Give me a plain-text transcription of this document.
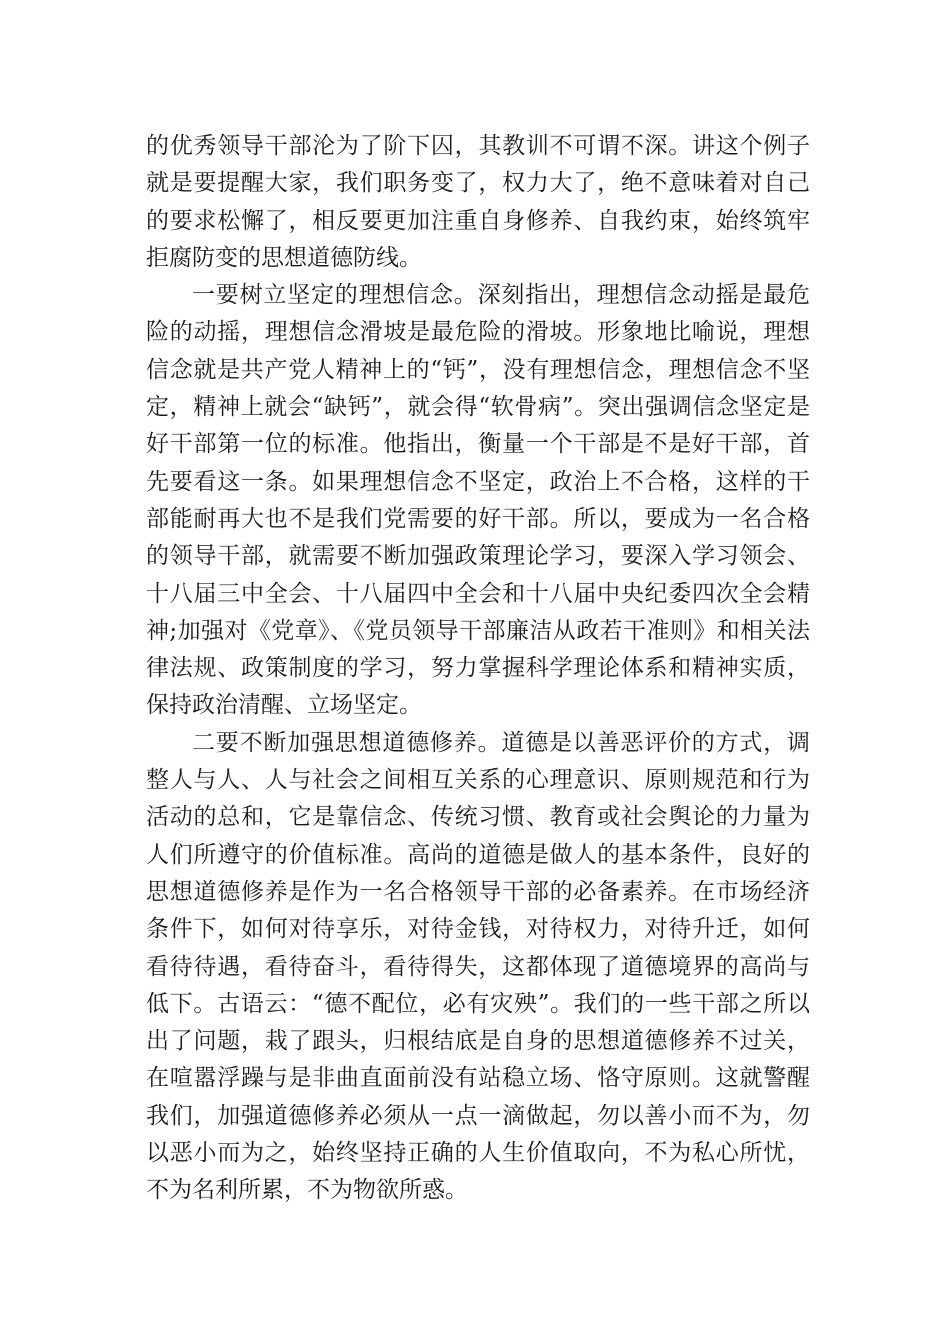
的优秀领导干部沦为了阶下囚，其教训不可谓不深。讲这个例子就是要提醒大家，我们职务变了，权力大了，绝不意味着对自己的要求松懈了，相反要更加注重自身修养、自我约束，始终筑牢拒腐防变的思想道德防线。

一要树立坚定的理想信念。深刻指出，理想信念动摇是最危险的动摇，理想信念滑坡是最危险的滑坡。形象地比喻说，理想信念就是共产党人精神上的“钙”，没有理想信念，理想信念不坚定，精神上就会“缺钙”，就会得“软骨病”。突出强调信念坚定是好干部第一位的标准。他指出，衡量一个干部是不是好干部，首先要看这一条。如果理想信念不坚定，政治上不合格，这样的干部能耐再大也不是我们党需要的好干部。所以，要成为一名合格的领导干部，就需要不断加强政策理论学习，要深入学习领会、十八届三中全会、十八届四中全会和十八届中央纪委四次全会精神;加强对《党章》、《党员领导干部廉洁从政若干准则》和相关法律法规、政策制度的学习，努力掌握科学理论体系和精神实质，保持政治清醒、立场坚定。

二要不断加强思想道德修养。道德是以善恶评价的方式，调整人与人、人与社会之间相互关系的心理意识、原则规范和行为活动的总和，它是靠信念、传统习惯、教育或社会舆论的力量为人们所遵守的价值标准。高尚的道德是做人的基本条件，良好的思想道德修养是作为一名合格领导干部的必备素养。在市场经济条件下，如何对待享乐，对待金钱，对待权力，对待升迁，如何看待待遇，看待奋斗，看待得失，这都体现了道德境界的高尚与低下。古语云：“德不配位，必有灾殃”。我们的一些干部之所以出了问题，栽了跟头，归根结底是自身的思想道德修养不过关，在喧嚣浮躁与是非曲直面前没有站稳立场、恪守原则。这就警醒我们，加强道德修养必须从一点一滴做起，勿以善小而不为，勿以恶小而为之，始终坚持正确的人生价值取向，不为私心所忧，不为名利所累，不为物欲所惑。
